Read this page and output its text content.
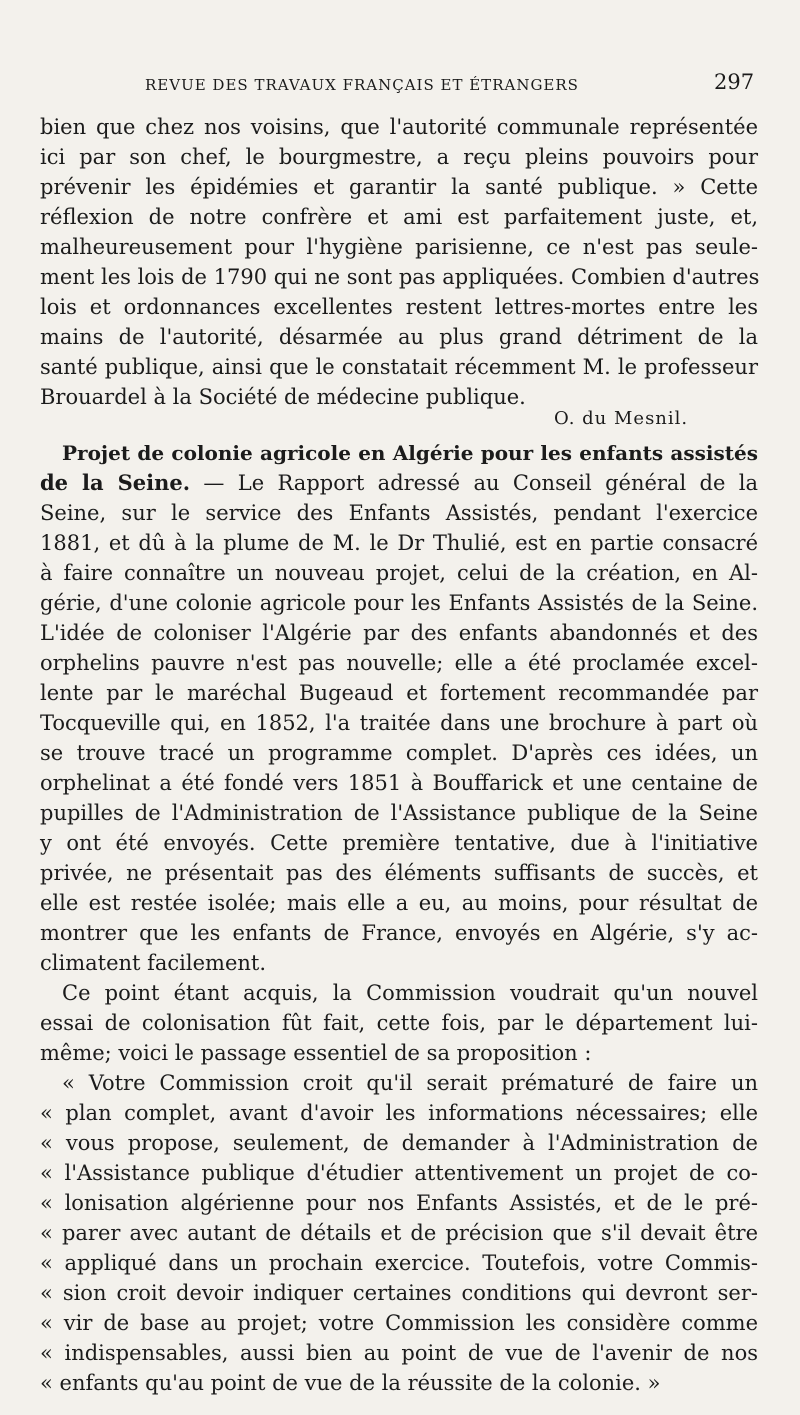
REVUE DES TRAVAUX FRANÇAIS ET ÉTRANGERS	297
bien que chez nos voisins, que l'autorité communale représentée
ici par son chef, le bourgmestre, a reçu pleins pouvoirs pour
prévenir les épidémies et garantir la santé publique. » Cette
réflexion de notre confrère et ami est parfaitement juste, et,
malheureusement pour l'hygiène parisienne, ce n'est pas seule-
ment les lois de 1790 qui ne sont pas appliquées. Combien d'autres
lois et ordonnances excellentes restent lettres-mortes entre les
mains de l'autorité, désarmée au plus grand détriment de la
santé publique, ainsi que le constatait récemment M. le professeur
Brouardel à la Société de médecine publique.
O. du Mesnil.
Projet de colonie agricole en Algérie pour les enfants assistés
de la Seine. — Le Rapport adressé au Conseil général de la
Seine, sur le service des Enfants Assistés, pendant l'exercice
1881, et dû à la plume de M. le Dr Thulié, est en partie consacré
à faire connaître un nouveau projet, celui de la création, en Al-
gérie, d'une colonie agricole pour les Enfants Assistés de la Seine.
L'idée de coloniser l'Algérie par des enfants abandonnés et des
orphelins pauvre n'est pas nouvelle; elle a été proclamée excel-
lente par le maréchal Bugeaud et fortement recommandée par
Tocqueville qui, en 1852, l'a traitée dans une brochure à part où
se trouve tracé un programme complet. D'après ces idées, un
orphelinat a été fondé vers 1851 à Bouffarick et une centaine de
pupilles de l'Administration de l'Assistance publique de la Seine
y ont été envoyés. Cette première tentative, due à l'initiative
privée, ne présentait pas des éléments suffisants de succès, et
elle est restée isolée; mais elle a eu, au moins, pour résultat de
montrer que les enfants de France, envoyés en Algérie, s'y ac-
climatent facilement.
Ce point étant acquis, la Commission voudrait qu'un nouvel
essai de colonisation fût fait, cette fois, par le département lui-
même; voici le passage essentiel de sa proposition :
« Votre Commission croit qu'il serait prématuré de faire un
« plan complet, avant d'avoir les informations nécessaires; elle
« vous propose, seulement, de demander à l'Administration de
« l'Assistance publique d'étudier attentivement un projet de co-
« lonisation algérienne pour nos Enfants Assistés, et de le pré-
« parer avec autant de détails et de précision que s'il devait être
« appliqué dans un prochain exercice. Toutefois, votre Commis-
« sion croit devoir indiquer certaines conditions qui devront ser-
« vir de base au projet; votre Commission les considère comme
« indispensables, aussi bien au point de vue de l'avenir de nos
« enfants qu'au point de vue de la réussite de la colonie. »
